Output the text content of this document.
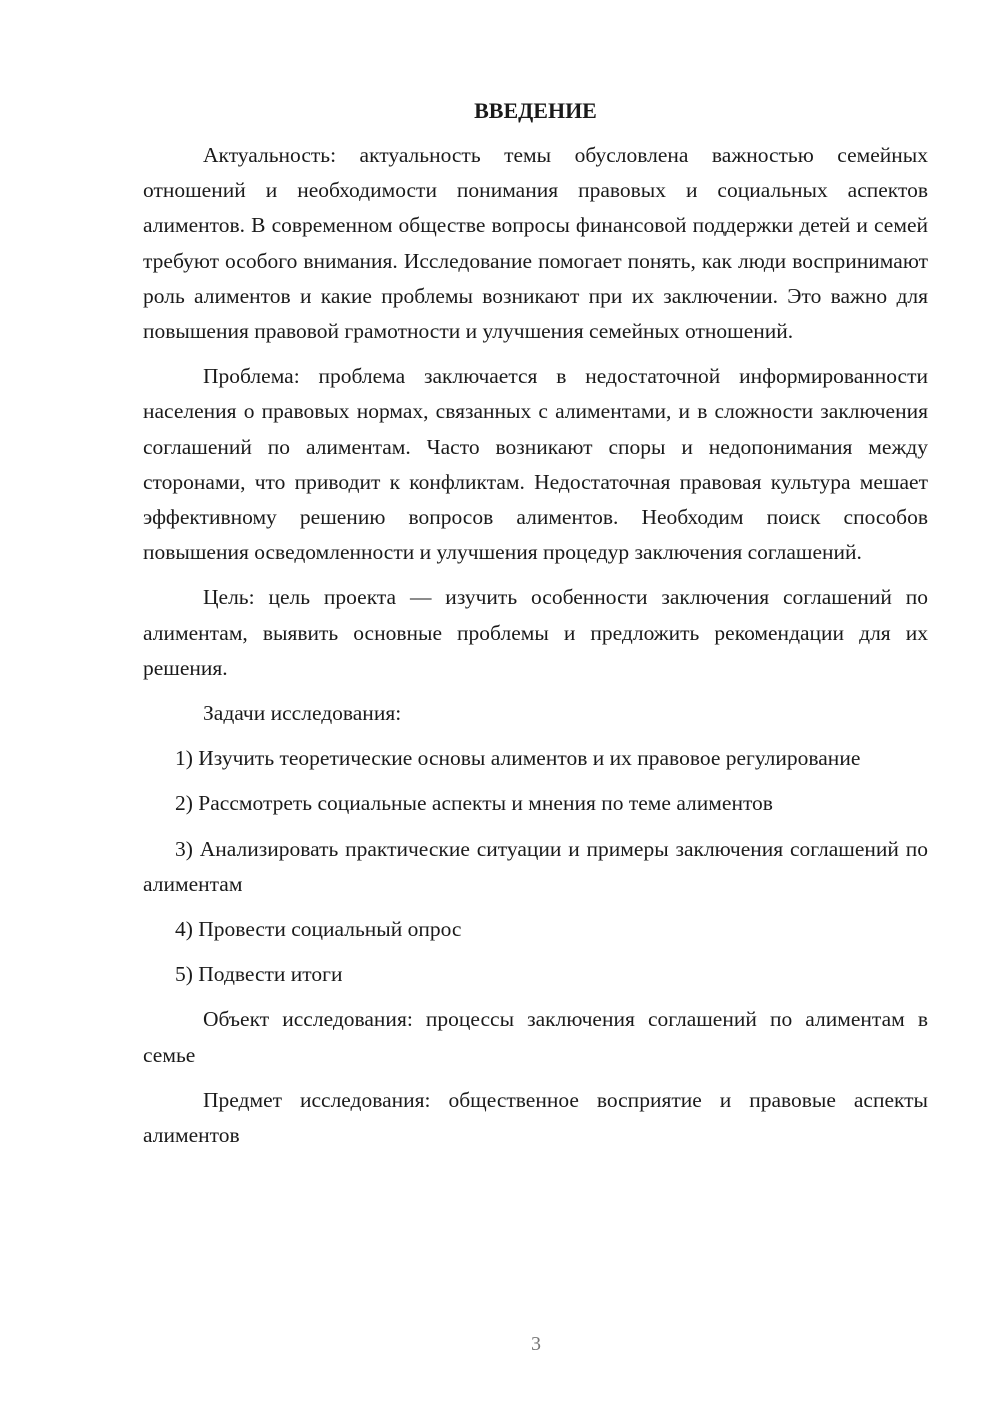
ВВЕДЕНИЕ

Актуальность: актуальность темы обусловлена важностью семейных отношений и необходимости понимания правовых и социальных аспектов алиментов. В современном обществе вопросы финансовой поддержки детей и семей требуют особого внимания. Исследование помогает понять, как люди воспринимают роль алиментов и какие проблемы возникают при их заключении. Это важно для повышения правовой грамотности и улучшения семейных отношений.

Проблема: проблема заключается в недостаточной информированности населения о правовых нормах, связанных с алиментами, и в сложности заключения соглашений по алиментам. Часто возникают споры и недопонимания между сторонами, что приводит к конфликтам. Недостаточная правовая культура мешает эффективному решению вопросов алиментов. Необходим поиск способов повышения осведомленности и улучшения процедур заключения соглашений.

Цель: цель проекта — изучить особенности заключения соглашений по алиментам, выявить основные проблемы и предложить рекомендации для их решения.

Задачи исследования:

1) Изучить теоретические основы алиментов и их правовое регулирование

2) Рассмотреть социальные аспекты и мнения по теме алиментов

3) Анализировать практические ситуации и примеры заключения соглашений по алиментам

4) Провести социальный опрос

5) Подвести итоги

Объект исследования: процессы заключения соглашений по алиментам в семье

Предмет исследования: общественное восприятие и правовые аспекты алиментов

3
